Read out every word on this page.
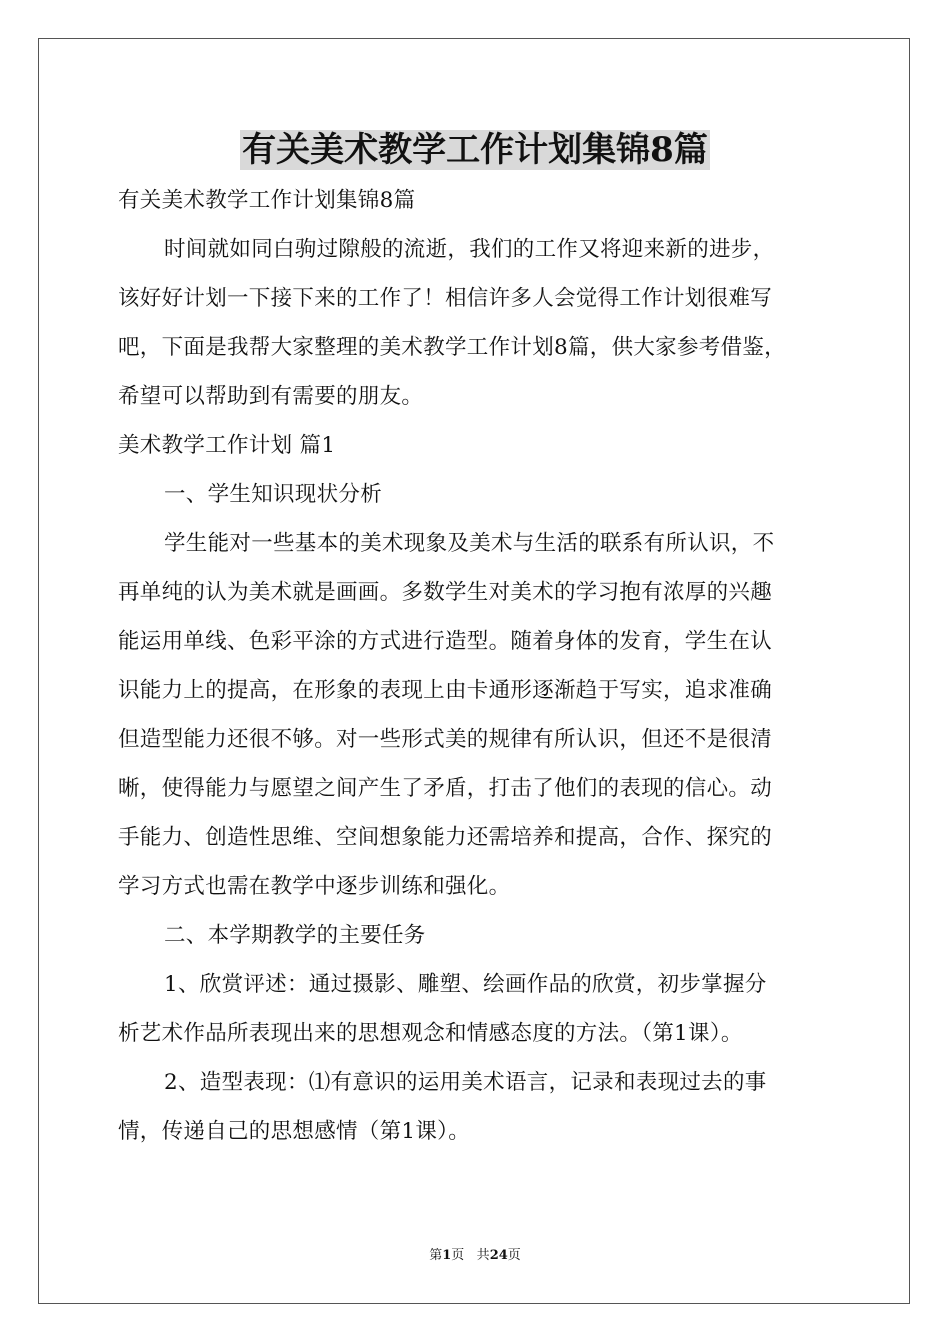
有关美术教学工作计划集锦8篇
有关美术教学工作计划集锦8篇
时间就如同白驹过隙般的流逝，我们的工作又将迎来新的进步，
该好好计划一下接下来的工作了！相信许多人会觉得工作计划很难写
吧，下面是我帮大家整理的美术教学工作计划8篇，供大家参考借鉴，
希望可以帮助到有需要的朋友。
美术教学工作计划 篇1
一、学生知识现状分析
学生能对一些基本的美术现象及美术与生活的联系有所认识，不
再单纯的认为美术就是画画。多数学生对美术的学习抱有浓厚的兴趣
能运用单线、色彩平涂的方式进行造型。随着身体的发育，学生在认
识能力上的提高，在形象的表现上由卡通形逐渐趋于写实，追求准确
但造型能力还很不够。对一些形式美的规律有所认识，但还不是很清
晰，使得能力与愿望之间产生了矛盾，打击了他们的表现的信心。动
手能力、创造性思维、空间想象能力还需培养和提高，合作、探究的
学习方式也需在教学中逐步训练和强化。
二、本学期教学的主要任务
1、欣赏评述：通过摄影、雕塑、绘画作品的欣赏，初步掌握分
析艺术作品所表现出来的思想观念和情感态度的方法。（第1课）。
2、造型表现：⑴有意识的运用美术语言，记录和表现过去的事
情，传递自己的思想感情（第1课）。
第1页 共24页
